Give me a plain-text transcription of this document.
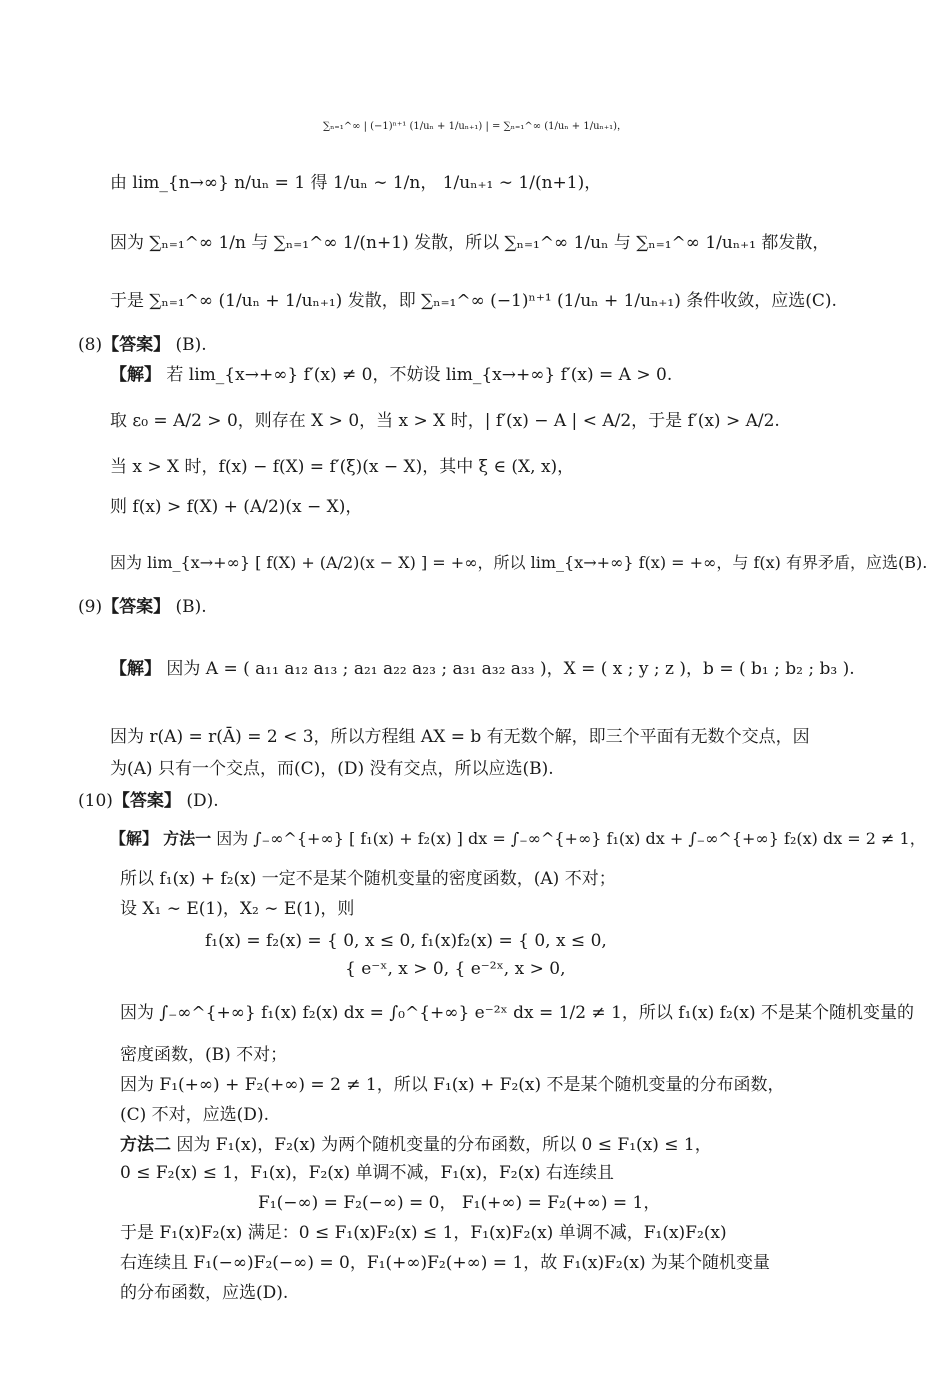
∑ₙ₌₁^∞ | (−1)ⁿ⁺¹ (1/uₙ + 1/uₙ₊₁) | = ∑ₙ₌₁^∞ (1/uₙ + 1/uₙ₊₁)，
由 lim_{n→∞} n/uₙ = 1 得 1/uₙ ∼ 1/n， 1/uₙ₊₁ ∼ 1/(n+1)，
因为 ∑ₙ₌₁^∞ 1/n 与 ∑ₙ₌₁^∞ 1/(n+1) 发散，所以 ∑ₙ₌₁^∞ 1/uₙ 与 ∑ₙ₌₁^∞ 1/uₙ₊₁ 都发散，
于是 ∑ₙ₌₁^∞ (1/uₙ + 1/uₙ₊₁) 发散，即 ∑ₙ₌₁^∞ (−1)ⁿ⁺¹ (1/uₙ + 1/uₙ₊₁) 条件收敛，应选(C).
(8)【答案】 (B).
【解】 若 lim_{x→+∞} f′(x) ≠ 0，不妨设 lim_{x→+∞} f′(x) = A > 0.
取 ε₀ = A/2 > 0，则存在 X > 0，当 x > X 时，| f′(x) − A | < A/2，于是 f′(x) > A/2.
当 x > X 时，f(x) − f(X) = f′(ξ)(x − X)，其中 ξ ∈ (X, x)，
则 f(x) > f(X) + (A/2)(x − X)，
因为 lim_{x→+∞} [ f(X) + (A/2)(x − X) ] = +∞，所以 lim_{x→+∞} f(x) = +∞，与 f(x) 有界矛盾，应选(B).
(9)【答案】 (B).
【解】 因为 A = ( a₁₁ a₁₂ a₁₃ ; a₂₁ a₂₂ a₂₃ ; a₃₁ a₃₂ a₃₃ )，X = ( x ; y ; z )，b = ( b₁ ; b₂ ; b₃ ).
因为 r(A) = r(Ā) = 2 < 3，所以方程组 AX = b 有无数个解，即三个平面有无数个交点，因
为(A) 只有一个交点，而(C)，(D) 没有交点，所以应选(B).
(10)【答案】 (D).
【解】 方法一 因为 ∫₋∞^{+∞} [ f₁(x) + f₂(x) ] dx = ∫₋∞^{+∞} f₁(x) dx + ∫₋∞^{+∞} f₂(x) dx = 2 ≠ 1，
所以 f₁(x) + f₂(x) 一定不是某个随机变量的密度函数，(A) 不对；
设 X₁ ∼ E(1)，X₂ ∼ E(1)，则
f₁(x) = f₂(x) = { 0, x ≤ 0, f₁(x)f₂(x) = { 0, x ≤ 0,
{ e⁻ˣ, x > 0, { e⁻²ˣ, x > 0,
因为 ∫₋∞^{+∞} f₁(x) f₂(x) dx = ∫₀^{+∞} e⁻²ˣ dx = 1/2 ≠ 1，所以 f₁(x) f₂(x) 不是某个随机变量的
密度函数，(B) 不对；
因为 F₁(+∞) + F₂(+∞) = 2 ≠ 1，所以 F₁(x) + F₂(x) 不是某个随机变量的分布函数，
(C) 不对，应选(D).
方法二 因为 F₁(x)，F₂(x) 为两个随机变量的分布函数，所以 0 ≤ F₁(x) ≤ 1，
0 ≤ F₂(x) ≤ 1，F₁(x)，F₂(x) 单调不减，F₁(x)，F₂(x) 右连续且
F₁(−∞) = F₂(−∞) = 0， F₁(+∞) = F₂(+∞) = 1，
于是 F₁(x)F₂(x) 满足：0 ≤ F₁(x)F₂(x) ≤ 1，F₁(x)F₂(x) 单调不减，F₁(x)F₂(x)
右连续且 F₁(−∞)F₂(−∞) = 0，F₁(+∞)F₂(+∞) = 1，故 F₁(x)F₂(x) 为某个随机变量
的分布函数，应选(D).
